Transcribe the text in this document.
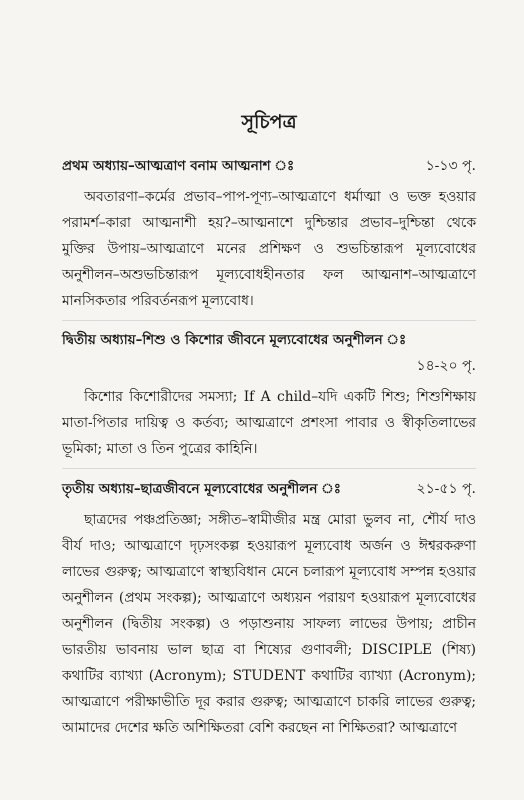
সূচিপত্র
প্রথম অধ্যায়–আত্মত্রাণ বনাম আত্মনাশ ঃ	১-১৩ পৃ.

অবতারণা–কর্মের প্রভাব–পাপ-পূণ্য–আত্মত্রাণে ধর্মাত্মা ও ভক্ত হওয়ার পরামর্শ–কারা আত্মনাশী হয়?–আত্মনাশে দুশ্চিন্তার প্রভাব–দুশ্চিন্তা থেকে মুক্তির উপায়–আত্মত্রাণে মনের প্রশিক্ষণ ও শুভচিন্তারূপ মূল্যবোধের অনুশীলন–অশুভচিন্তারূপ মূল্যবোধহীনতার ফল আত্মনাশ–আত্মত্রাণে মানসিকতার পরিবর্তনরূপ মূল্যবোধ।

দ্বিতীয় অধ্যায়–শিশু ও কিশোর জীবনে মূল্যবোধের অনুশীলন ঃ
১৪-২০ পৃ.

কিশোর কিশোরীদের সমস্যা; If A child–যদি একটি শিশু; শিশুশিক্ষায় মাতা-পিতার দায়িত্ব ও কর্তব্য; আত্মত্রাণে প্রশংসা পাবার ও স্বীকৃতিলাভের ভূমিকা; মাতা ও তিন পুত্রের কাহিনি।

তৃতীয় অধ্যায়–ছাত্রজীবনে মূল্যবোধের অনুশীলন ঃ	২১-৫১ পৃ.

ছাত্রদের পঞ্চপ্রতিজ্ঞা; সঙ্গীত–স্বামীজীর মন্ত্র মোরা ভুলব না, শৌর্য দাও বীর্য দাও; আত্মত্রাণে দৃঢ়সংকল্প হওয়ারূপ মূল্যবোধ অর্জন ও ঈশ্বরকরুণা লাভের গুরুত্ব; আত্মত্রাণে স্বাস্থ্যবিধান মেনে চলারূপ মূল্যবোধ সম্পন্ন হওয়ার অনুশীলন (প্রথম সংকল্প); আত্মত্রাণে অধ্যয়ন পরায়ণ হওয়ারূপ মূল্যবোধের অনুশীলন (দ্বিতীয় সংকল্প) ও পড়াশুনায় সাফল্য লাভের উপায়; প্রাচীন ভারতীয় ভাবনায় ভাল ছাত্র বা শিষ্যের গুণাবলী; DISCIPLE (শিষ্য) কথাটির ব্যাখ্যা (Acronym); STUDENT কথাটির ব্যাখ্যা (Acronym); আত্মত্রাণে পরীক্ষাভীতি দূর করার গুরুত্ব; আত্মত্রাণে চাকরি লাভের গুরুত্ব; আমাদের দেশের ক্ষতি অশিক্ষিতরা বেশি করছেন না শিক্ষিতরা? আত্মত্রাণে
